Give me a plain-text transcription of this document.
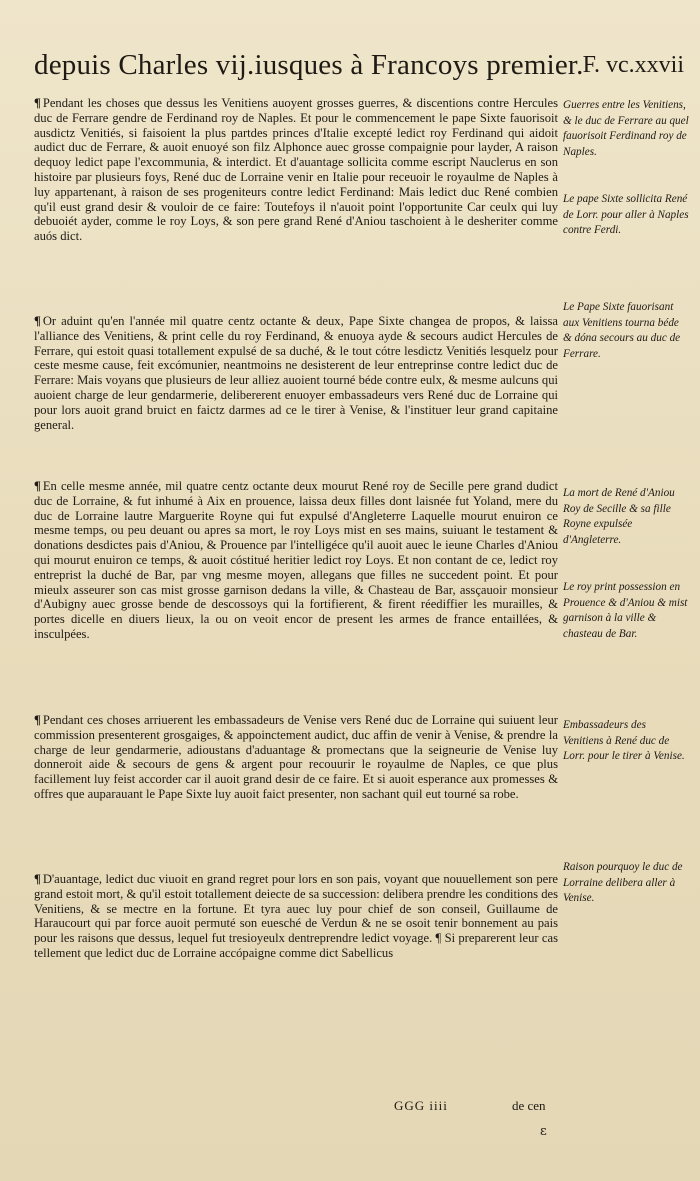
depuis Charles vij.iusques à Francoys premier.
F. vc.xxvii
¶ Pendant les choses que dessus les Venitiens auoyent grosses guerres, & discentions contre Hercules duc de Ferrare gendre de Ferdinand roy de Naples. Et pour le commencement le pape Sixte fauorisoit ausdictz Venitiés, si faisoient la plus partdes princes d'Italie excepté ledict roy Ferdinand qui aidoit audict duc de Ferrare, & auoit enuoyé son filz Alphonce auec grosse compaignie pour layder, A raison dequoy ledict pape l'excommunia, & interdict. Et d'auantage sollicita comme escript Nauclerus en son histoire par plusieurs foys, René duc de Lorraine venir en Italie pour receuoir le royaulme de Naples à luy appartenant, à raison de ses progeniteurs contre ledict Ferdinand: Mais ledict duc René combien qu'il eust grand desir & vouloir de ce faire: Toutefoys il n'auoit point l'opportunite Car ceulx qui luy debuoiét ayder, comme le roy Loys, & son pere grand René d'Aniou taschoient à le desheriter comme auós dict.
¶ Or aduint qu'en l'année mil quatre centz octante & deux, Pape Sixte changea de propos, & laissa l'alliance des Venitiens, & print celle du roy Ferdinand, & enuoya ayde & secours audict Hercules de Ferrare, qui estoit quasi totallement expulsé de sa duché, & le tout cótre lesdictz Venitiés lesquelz pour ceste mesme cause, feit excómunier, neantmoins ne desisterent de leur entreprinse contre ledict duc de Ferrare: Mais voyans que plusieurs de leur alliez auoient tourné béde contre eulx, & mesme aulcuns qui auoient charge de leur gendarmerie, delibererent enuoyer embassadeurs vers René duc de Lorraine qui pour lors auoit grand bruict en faictz darmes ad ce le tirer à Venise, & l'instituer leur grand capitaine general.
¶ En celle mesme année, mil quatre centz octante deux mourut René roy de Secille pere grand dudict duc de Lorraine, & fut inhumé à Aix en prouence, laissa deux filles dont laisnée fut Yoland, mere du duc de Lorraine lautre Marguerite Royne qui fut expulsé d'Angleterre Laquelle mourut enuiron ce mesme temps, ou peu deuant ou apres sa mort, le roy Loys mist en ses mains, suiuant le testament & donations desdictes pais d'Aniou, & Prouence par l'intelligéce qu'il auoit auec le ieune Charles d'Aniou qui mourut enuiron ce temps, & auoit cóstitué heritier ledict roy Loys. Et non contant de ce, ledict roy entreprist la duché de Bar, par vng mesme moyen, allegans que filles ne succedent point. Et pour mieulx asseurer son cas mist grosse garnison dedans la ville, & Chasteau de Bar, assçauoir monsieur d'Aubigny auec grosse bende de descossoys qui la fortifierent, & firent réediffier les murailles, & portes dicelle en diuers lieux, la ou on veoit encor de present les armes de france entaillées, & insculpées.
¶ Pendant ces choses arriuerent les embassadeurs de Venise vers René duc de Lorraine qui suiuent leur commission presenterent grosgaiges, & appoinctement audict, duc affin de venir à Venise, & prendre la charge de leur gendarmerie, adioustans d'aduantage & promectans que la seigneurie de Venise luy donneroit aide & secours de gens & argent pour recouurir le royaulme de Naples, ce que plus facillement luy feist accorder car il auoit grand desir de ce faire. Et si auoit esperance aux promesses & offres que auparauant le Pape Sixte luy auoit faict presenter, non sachant quil eut tourné sa robe.
¶ D'auantage, ledict duc viuoit en grand regret pour lors en son pais, voyant que nouuellement son pere grand estoit mort, & qu'il estoit totallement deiecte de sa succession: delibera prendre les conditions des Venitiens, & se mectre en la fortune. Et tyra auec luy pour chief de son conseil, Guillaume de Haraucourt qui par force auoit permuté son euesché de Verdun & ne se osoit tenir bonnement au pais pour les raisons que dessus, lequel fut tresioyeulx dentreprendre ledict voyage. ¶ Si preparerent leur cas tellement que ledict duc de Lorraine accópaigne comme dict Sabellicus
Guerres entre les Venitiens, & le duc de Ferrare au quel fauorisoit Ferdinand roy de Naples.
Le pape Sixte sollicita René de Lorr. pour aller à Naples contre Ferdi.
Le Pape Sixte fauorisant aux Venitiens tourna béde & dóna secours au duc de Ferrare.
La mort de René d'Aniou Roy de Secille & sa fille Royne expulsée d'Angleterre.
Le roy print possession en Prouence & d'Aniou & mist garnison à la ville & chasteau de Bar.
Embassadeurs des Venitiens à René duc de Lorr. pour le tirer à Venise.
Raison pourquoy le duc de Lorraine delibera aller à Venise.
GGG iiii	de cen
ɛ
